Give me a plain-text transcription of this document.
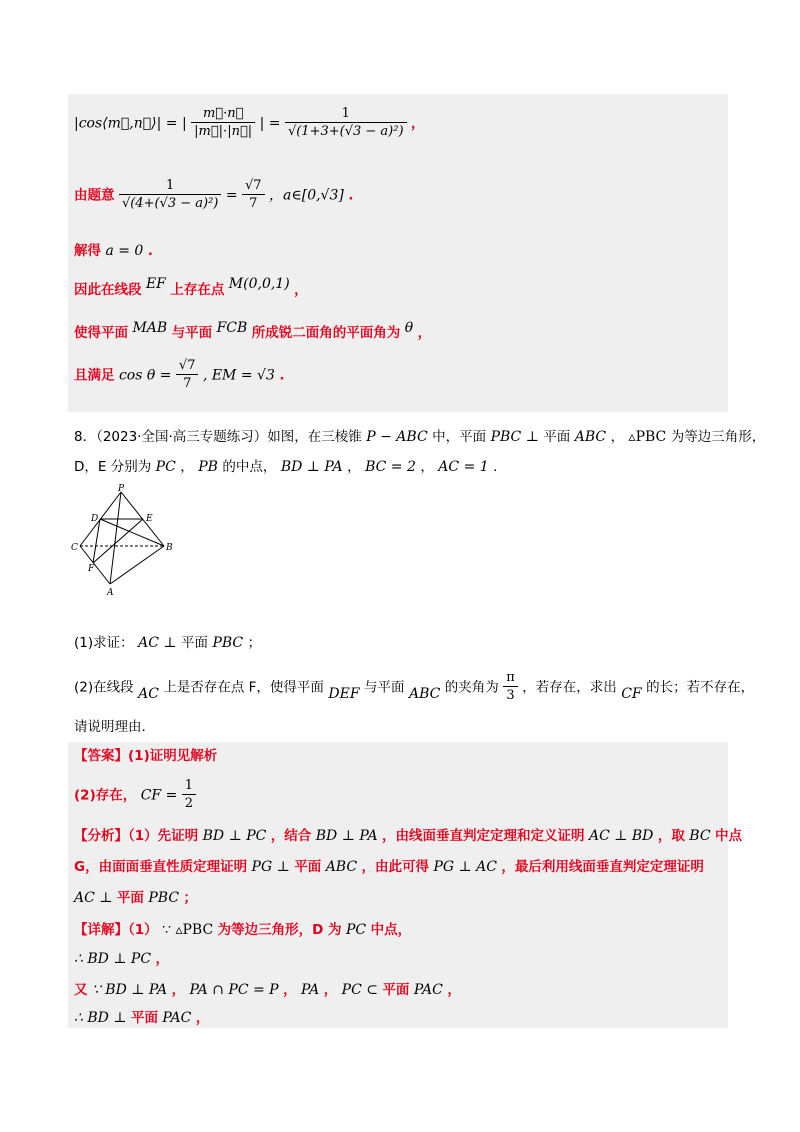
|cos⟨m⃗,n⃗⟩| = | $\frac{m⃗\cdot n⃗}{|m⃗|\cdot|n⃗|}$ | = $\frac{1}{\text{√(1+3+(√3 − a)²)}}$ ，
由题意 $\frac{1}{\text{√(4+(√3 − a)²)}} = \frac{√7}{7}$ ，a∈[0,√3] .
解得 a = 0 .
因此在线段 EF 上存在点 M(0,0,1) ，
使得平面 MAB 与平面 FCB 所成锐二面角的平面角为 θ ，
且满足 $\cos \theta = \frac{√7}{7}$ , EM = √3 .
8．（2023·全国·高三专题练习）如图，在三棱锥 P − ABC 中，平面 PBC ⊥ 平面 ABC ， ▵PBC 为等边三角形，
D，E 分别为 PC ， PB 的中点， BD ⊥ PA ， BC = 2 ， AC = 1 .
P
D	E
C	B
F
A
(1)求证： AC ⊥ 平面 PBC ；
(2)在线段 AC 上是否存在点 F，使得平面 DEF 与平面 ABC 的夹角为 $\frac{\pi}{3}$ ，若存在，求出 CF 的长；若不存在，
请说明理由.
【答案】(1)证明见解析
(2)存在， CF = $\frac{1}{2}$
【分析】（1）先证明 BD ⊥ PC ，结合 BD ⊥ PA ，由线面垂直判定定理和定义证明 AC ⊥ BD ，取 BC 中点
G，由面面垂直性质定理证明 PG ⊥ 平面 ABC ，由此可得 PG ⊥ AC ，最后利用线面垂直判定定理证明
AC ⊥ 平面 PBC ；
【详解】（1） ∵ ▵PBC 为等边三角形，D 为 PC 中点，
∴ BD ⊥ PC ，
又 ∵ BD ⊥ PA ， PA ∩ PC = P ， PA ， PC ⊂ 平面 PAC ，
∴ BD ⊥ 平面 PAC ，
